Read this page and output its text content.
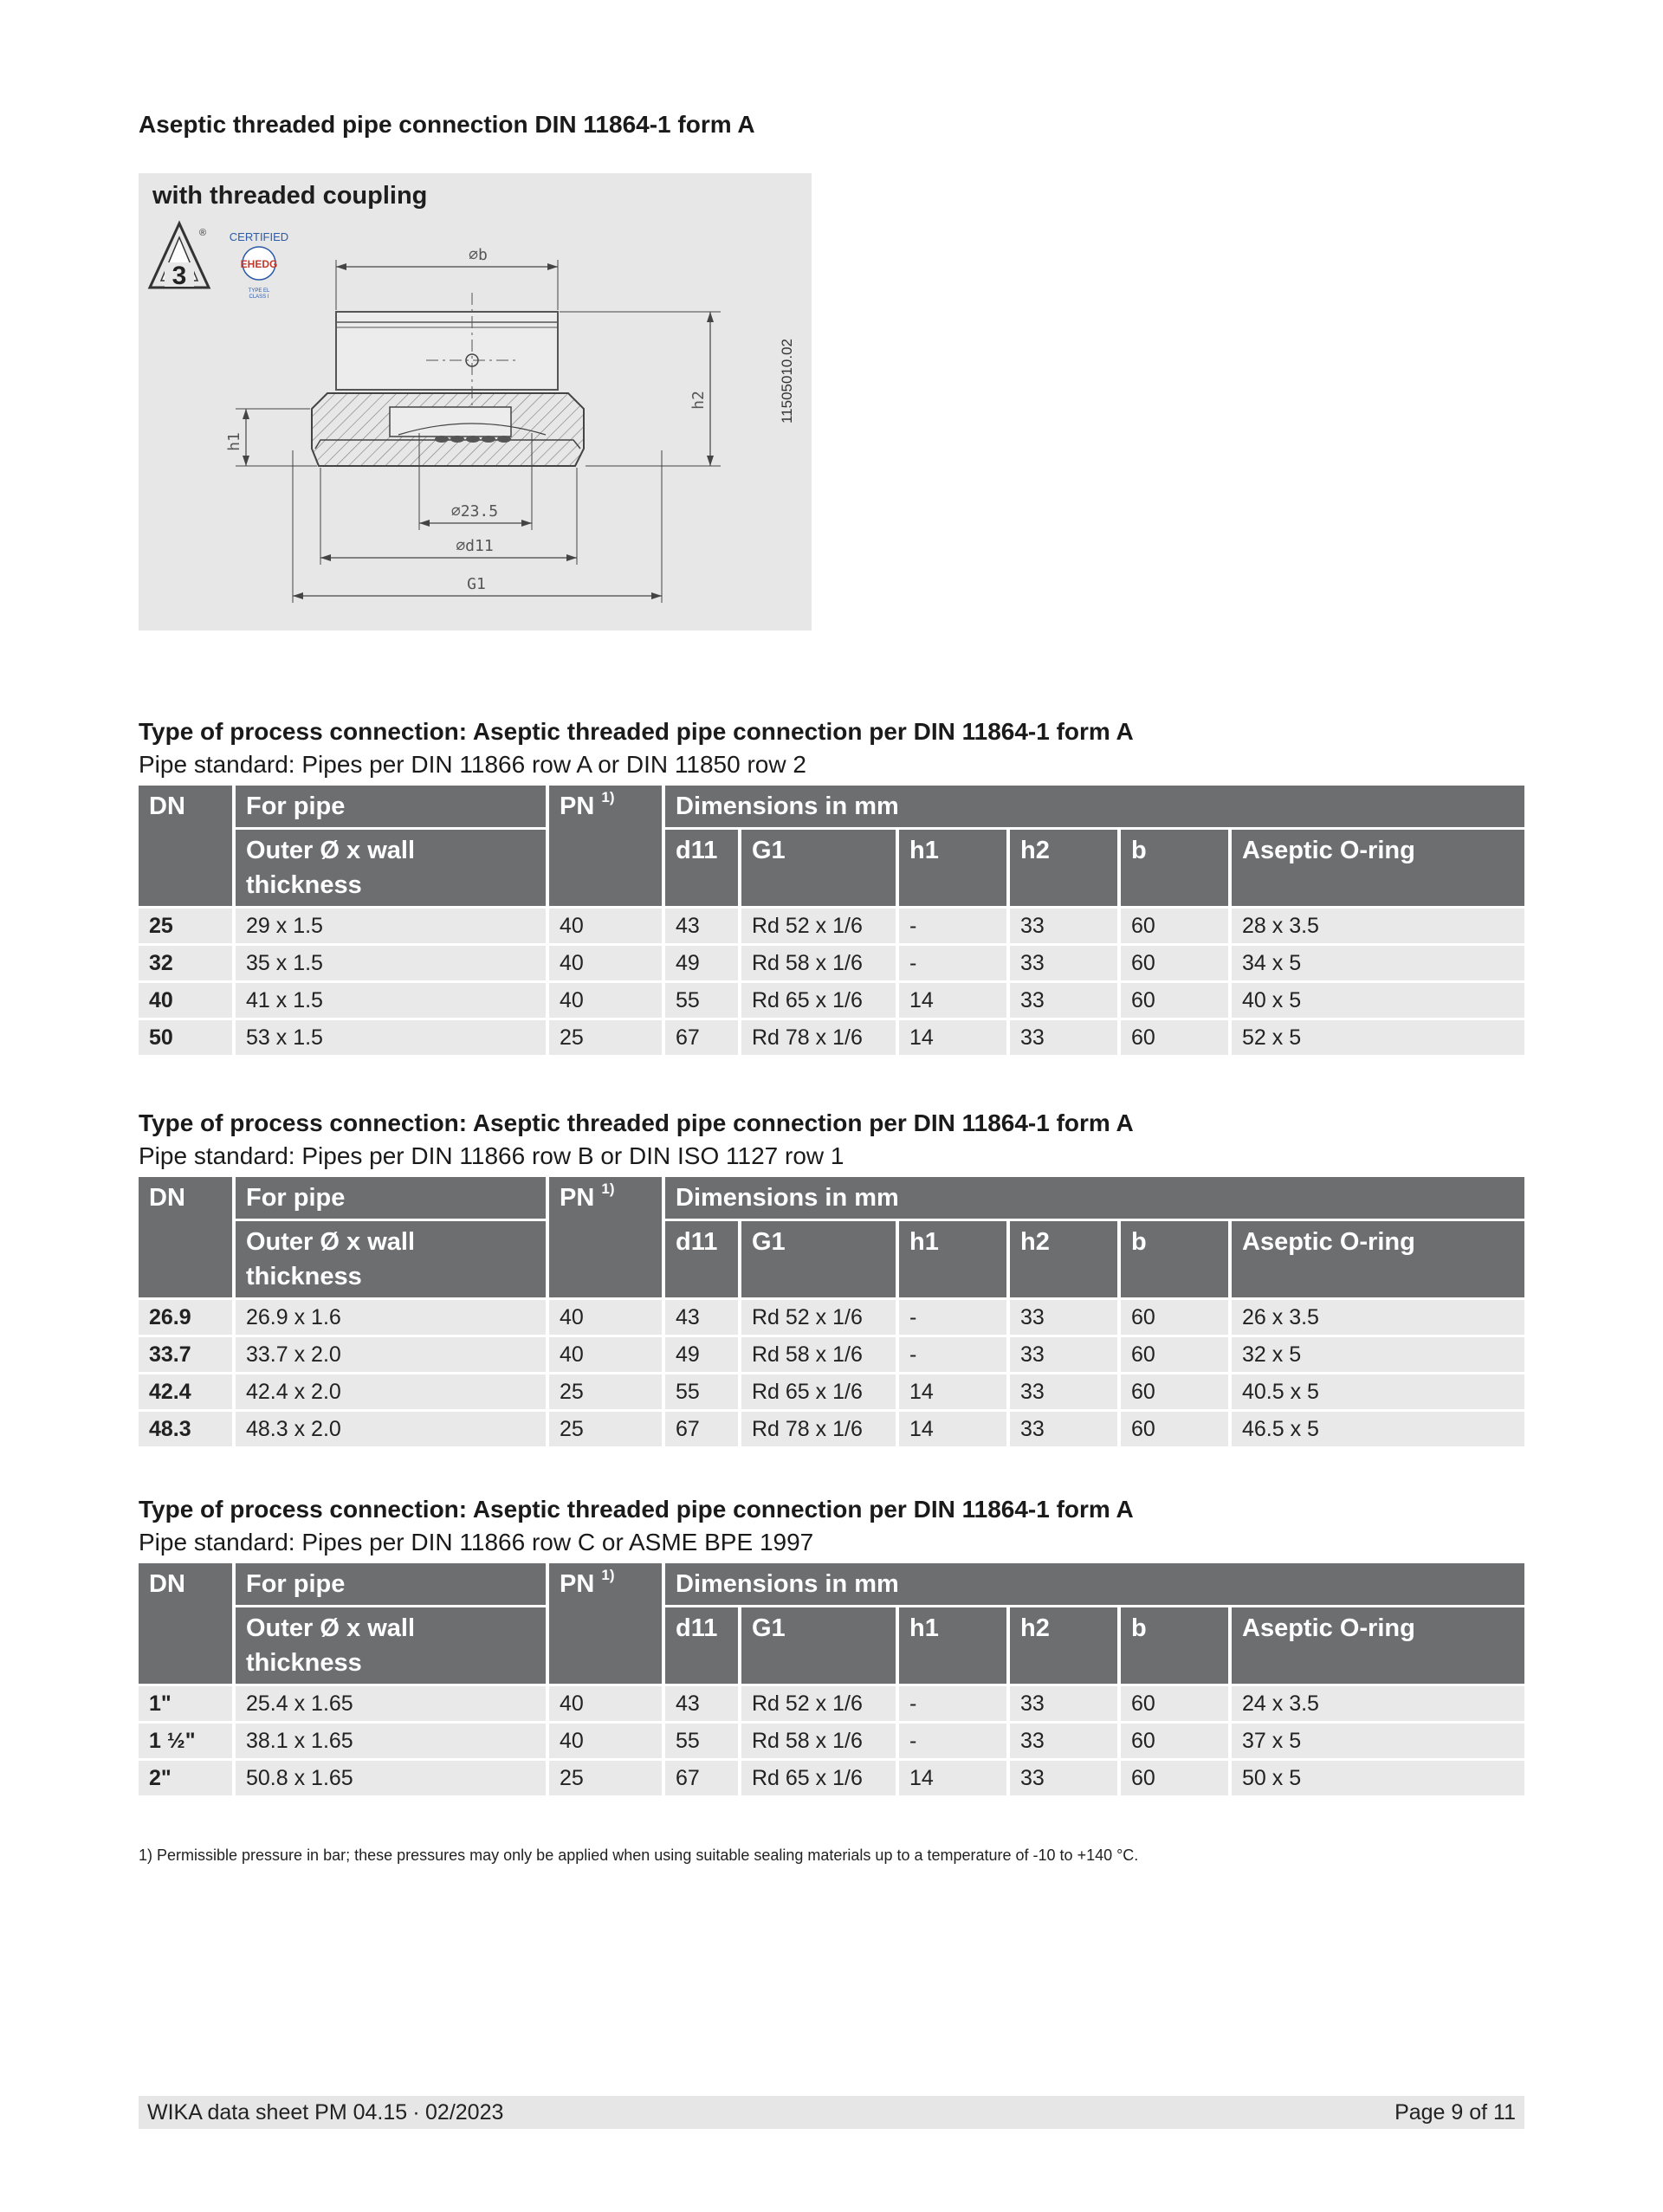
Aseptic threaded pipe connection DIN 11864-1 form A
with threaded coupling
3
® CERTIFIED
EHEDG
TYPE EL
CLASS I
⌀b
h2
h1
⌀23.5
⌀d11
G1
11505010.02
Type of process connection: Aseptic threaded pipe connection per DIN 11864-1 form A
Pipe standard: Pipes per DIN 11866 row A or DIN 11850 row 2
DN	For pipe	PN $^{1)}$	Dimensions in mm					
	Outer Ø x wall thickness		d11	G1	h1	h2	b	Aseptic O-ring
25	29 x 1.5	40	43	Rd 52 x 1/6	-	33	60	28 x 3.5
32	35 x 1.5	40	49	Rd 58 x 1/6	-	33	60	34 x 5
40	41 x 1.5	40	55	Rd 65 x 1/6	14	33	60	40 x 5
50	53 x 1.5	25	67	Rd 78 x 1/6	14	33	60	52 x 5
Type of process connection: Aseptic threaded pipe connection per DIN 11864-1 form A
Pipe standard: Pipes per DIN 11866 row B or DIN ISO 1127 row 1
DN	For pipe	PN $^{1)}$	Dimensions in mm					
	Outer Ø x wall thickness		d11	G1	h1	h2	b	Aseptic O-ring
26.9	26.9 x 1.6	40	43	Rd 52 x 1/6	-	33	60	26 x 3.5
33.7	33.7 x 2.0	40	49	Rd 58 x 1/6	-	33	60	32 x 5
42.4	42.4 x 2.0	25	55	Rd 65 x 1/6	14	33	60	40.5 x 5
48.3	48.3 x 2.0	25	67	Rd 78 x 1/6	14	33	60	46.5 x 5
Type of process connection: Aseptic threaded pipe connection per DIN 11864-1 form A
Pipe standard: Pipes per DIN 11866 row C or ASME BPE 1997
DN	For pipe	PN $^{1)}$	Dimensions in mm					
	Outer Ø x wall thickness		d11	G1	h1	h2	b	Aseptic O-ring
1"	25.4 x 1.65	40	43	Rd 52 x 1/6	-	33	60	24 x 3.5
1 ½"	38.1 x 1.65	40	55	Rd 58 x 1/6	-	33	60	37 x 5
2"	50.8 x 1.65	25	67	Rd 65 x 1/6	14	33	60	50 x 5
1) Permissible pressure in bar; these pressures may only be applied when using suitable sealing materials up to a temperature of -10 to +140 °C.
WIKA data sheet PM 04.15 ∙ 02/2023	Page 9 of 11
